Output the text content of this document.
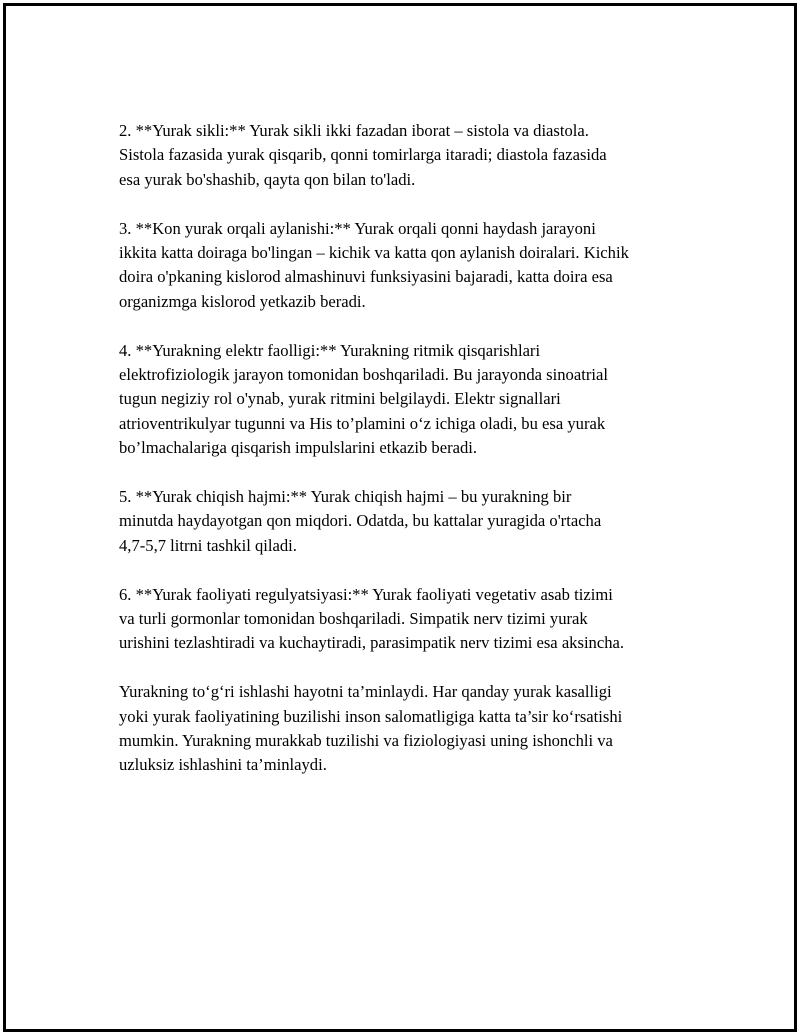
2. **Yurak sikli:** Yurak sikli ikki fazadan iborat – sistola va diastola.
Sistola fazasida yurak qisqarib, qonni tomirlarga itaradi; diastola fazasida
esa yurak bo'shashib, qayta qon bilan to'ladi.

3. **Kon yurak orqali aylanishi:** Yurak orqali qonni haydash jarayoni
ikkita katta doiraga bo'lingan – kichik va katta qon aylanish doiralari. Kichik
doira o'pkaning kislorod almashinuvi funksiyasini bajaradi, katta doira esa
organizmga kislorod yetkazib beradi.

4. **Yurakning elektr faolligi:** Yurakning ritmik qisqarishlari
elektrofiziologik jarayon tomonidan boshqariladi. Bu jarayonda sinoatrial
tugun negiziy rol o'ynab, yurak ritmini belgilaydi. Elektr signallari
atrioventrikulyar tugunni va His to’plamini o‘z ichiga oladi, bu esa yurak
bo’lmachalariga qisqarish impulslarini etkazib beradi.

5. **Yurak chiqish hajmi:** Yurak chiqish hajmi – bu yurakning bir
minutda haydayotgan qon miqdori. Odatda, bu kattalar yuragida o'rtacha
4,7-5,7 litrni tashkil qiladi.

6. **Yurak faoliyati regulyatsiyasi:** Yurak faoliyati vegetativ asab tizimi
va turli gormonlar tomonidan boshqariladi. Simpatik nerv tizimi yurak
urishini tezlashtiradi va kuchaytiradi, parasimpatik nerv tizimi esa aksincha.

Yurakning to‘g‘ri ishlashi hayotni ta’minlaydi. Har qanday yurak kasalligi
yoki yurak faoliyatining buzilishi inson salomatligiga katta ta’sir ko‘rsatishi
mumkin. Yurakning murakkab tuzilishi va fiziologiyasi uning ishonchli va
uzluksiz ishlashini ta’minlaydi.
